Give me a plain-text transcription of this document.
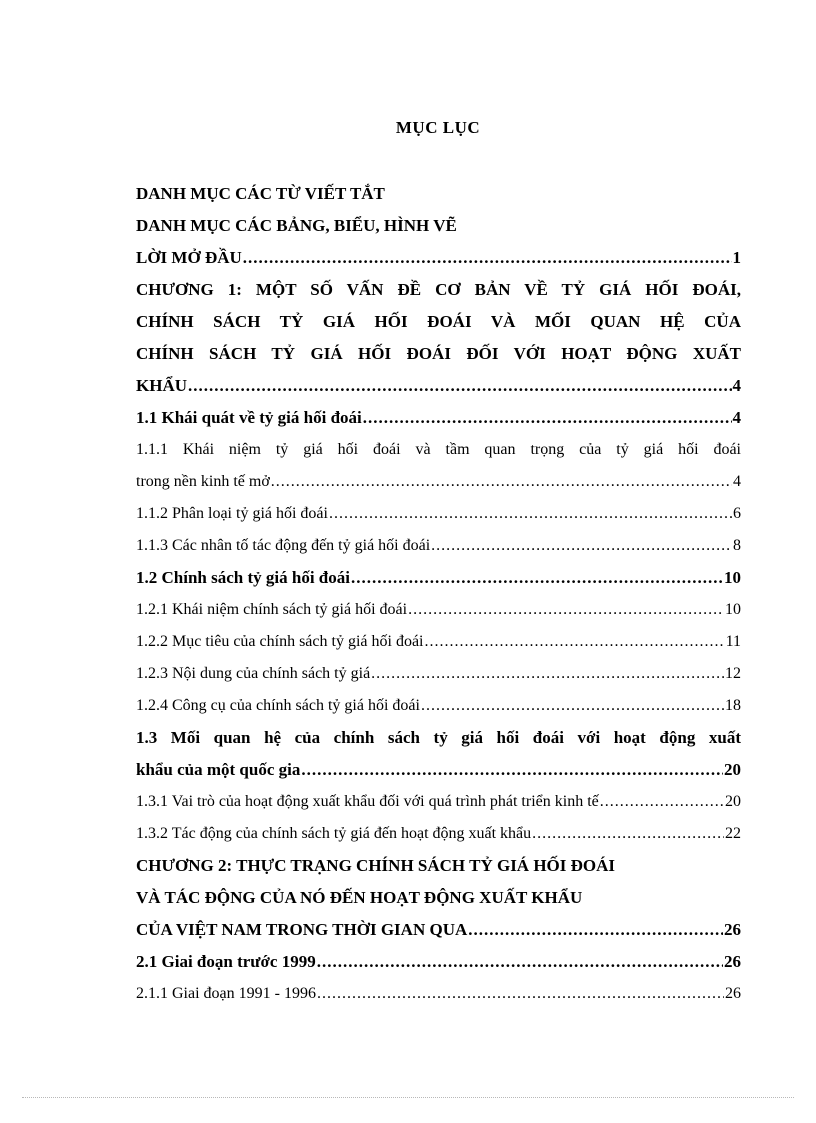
MỤC LỤC
DANH MỤC CÁC TỪ VIẾT TẮT
DANH MỤC CÁC BẢNG, BIỂU, HÌNH VẼ
LỜI MỞ ĐẦU .....	1
CHƯƠNG 1: MỘT SỐ VẤN ĐỀ CƠ BẢN VỀ TỶ GIÁ HỐI ĐOÁI,
CHÍNH SÁCH TỶ GIÁ HỐI ĐOÁI VÀ MỐI QUAN HỆ CỦA
CHÍNH SÁCH TỶ GIÁ HỐI ĐOÁI ĐỐI VỚI HOẠT ĐỘNG XUẤT
KHẨU .....	4
1.1 Khái quát về tỷ giá hối đoái .....	4
1.1.1 Khái niệm tỷ giá hối đoái và tầm quan trọng của tỷ giá hối đoái
trong nền kinh tế mở .....	4
1.1.2 Phân loại tỷ giá hối đoái .....	6
1.1.3 Các nhân tố tác động đến tỷ giá hối đoái .....	8
1.2 Chính sách tỷ giá hối đoái .....	10
1.2.1 Khái niệm chính sách tỷ giá hối đoái .....	10
1.2.2 Mục tiêu của chính sách tỷ giá hối đoái .....	11
1.2.3 Nội dung của chính sách tỷ giá .....	12
1.2.4 Công cụ của chính sách tỷ giá hối đoái .....	18
1.3 Mối quan hệ của chính sách tỷ giá hối đoái với hoạt động xuất
khẩu của một quốc gia .....	20
1.3.1 Vai trò của hoạt động xuất khẩu đối với quá trình phát triển kinh tế .....	20
1.3.2 Tác động của chính sách tỷ giá đến hoạt động xuất khẩu .....	22
CHƯƠNG 2: THỰC TRẠNG CHÍNH SÁCH TỶ GIÁ HỐI ĐOÁI
VÀ TÁC ĐỘNG CỦA NÓ ĐẾN HOẠT ĐỘNG XUẤT KHẨU
CỦA VIỆT NAM TRONG THỜI GIAN QUA .....	26
2.1 Giai đoạn trước 1999 .....	26
2.1.1 Giai đoạn 1991 - 1996 .....	26
